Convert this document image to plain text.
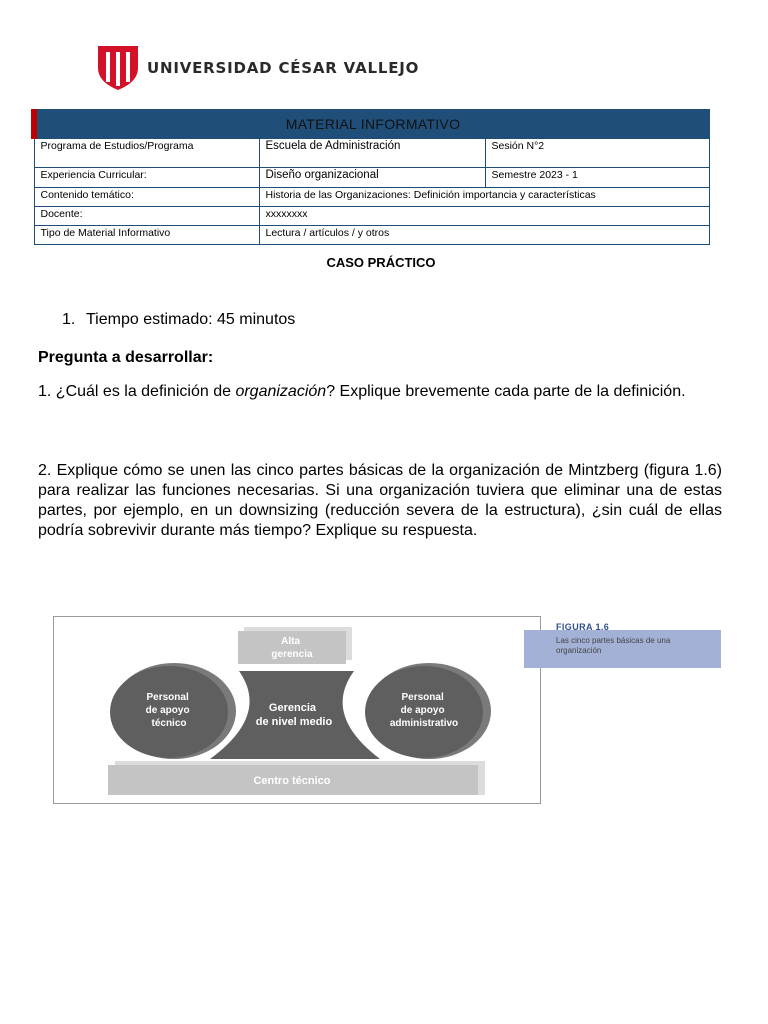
UNIVERSIDAD CÉSAR VALLEJO
MATERIAL INFORMATIVO		
Programa de Estudios/Programa	Escuela de Administración	Sesión N°2
Experiencia Curricular:	Diseño organizacional	Semestre 2023 - 1
Contenido temático:	Historia de las Organizaciones: Definición importancia y características	
Docente:	xxxxxxxx	
Tipo de Material Informativo	Lectura / artículos / y otros	
CASO PRÁCTICO
1. Tiempo estimado: 45 minutos
Pregunta a desarrollar:
1. ¿Cuál es la definición de organización? Explique brevemente cada parte de la definición.
2. Explique cómo se unen las cinco partes básicas de la organización de Mintzberg (figura 1.6) para realizar las funciones necesarias. Si una organización tuviera que eliminar una de estas partes, por ejemplo, en un downsizing (reducción severa de la estructura), ¿sin cuál de ellas podría sobrevivir durante más tiempo? Explique su respuesta.
Alta gerencia
Personal de apoyo técnico
Personal de apoyo administrativo
Gerencia de nivel medio
Centro técnico
FIGURA 1.6
Las cinco partes básicas de una organización
